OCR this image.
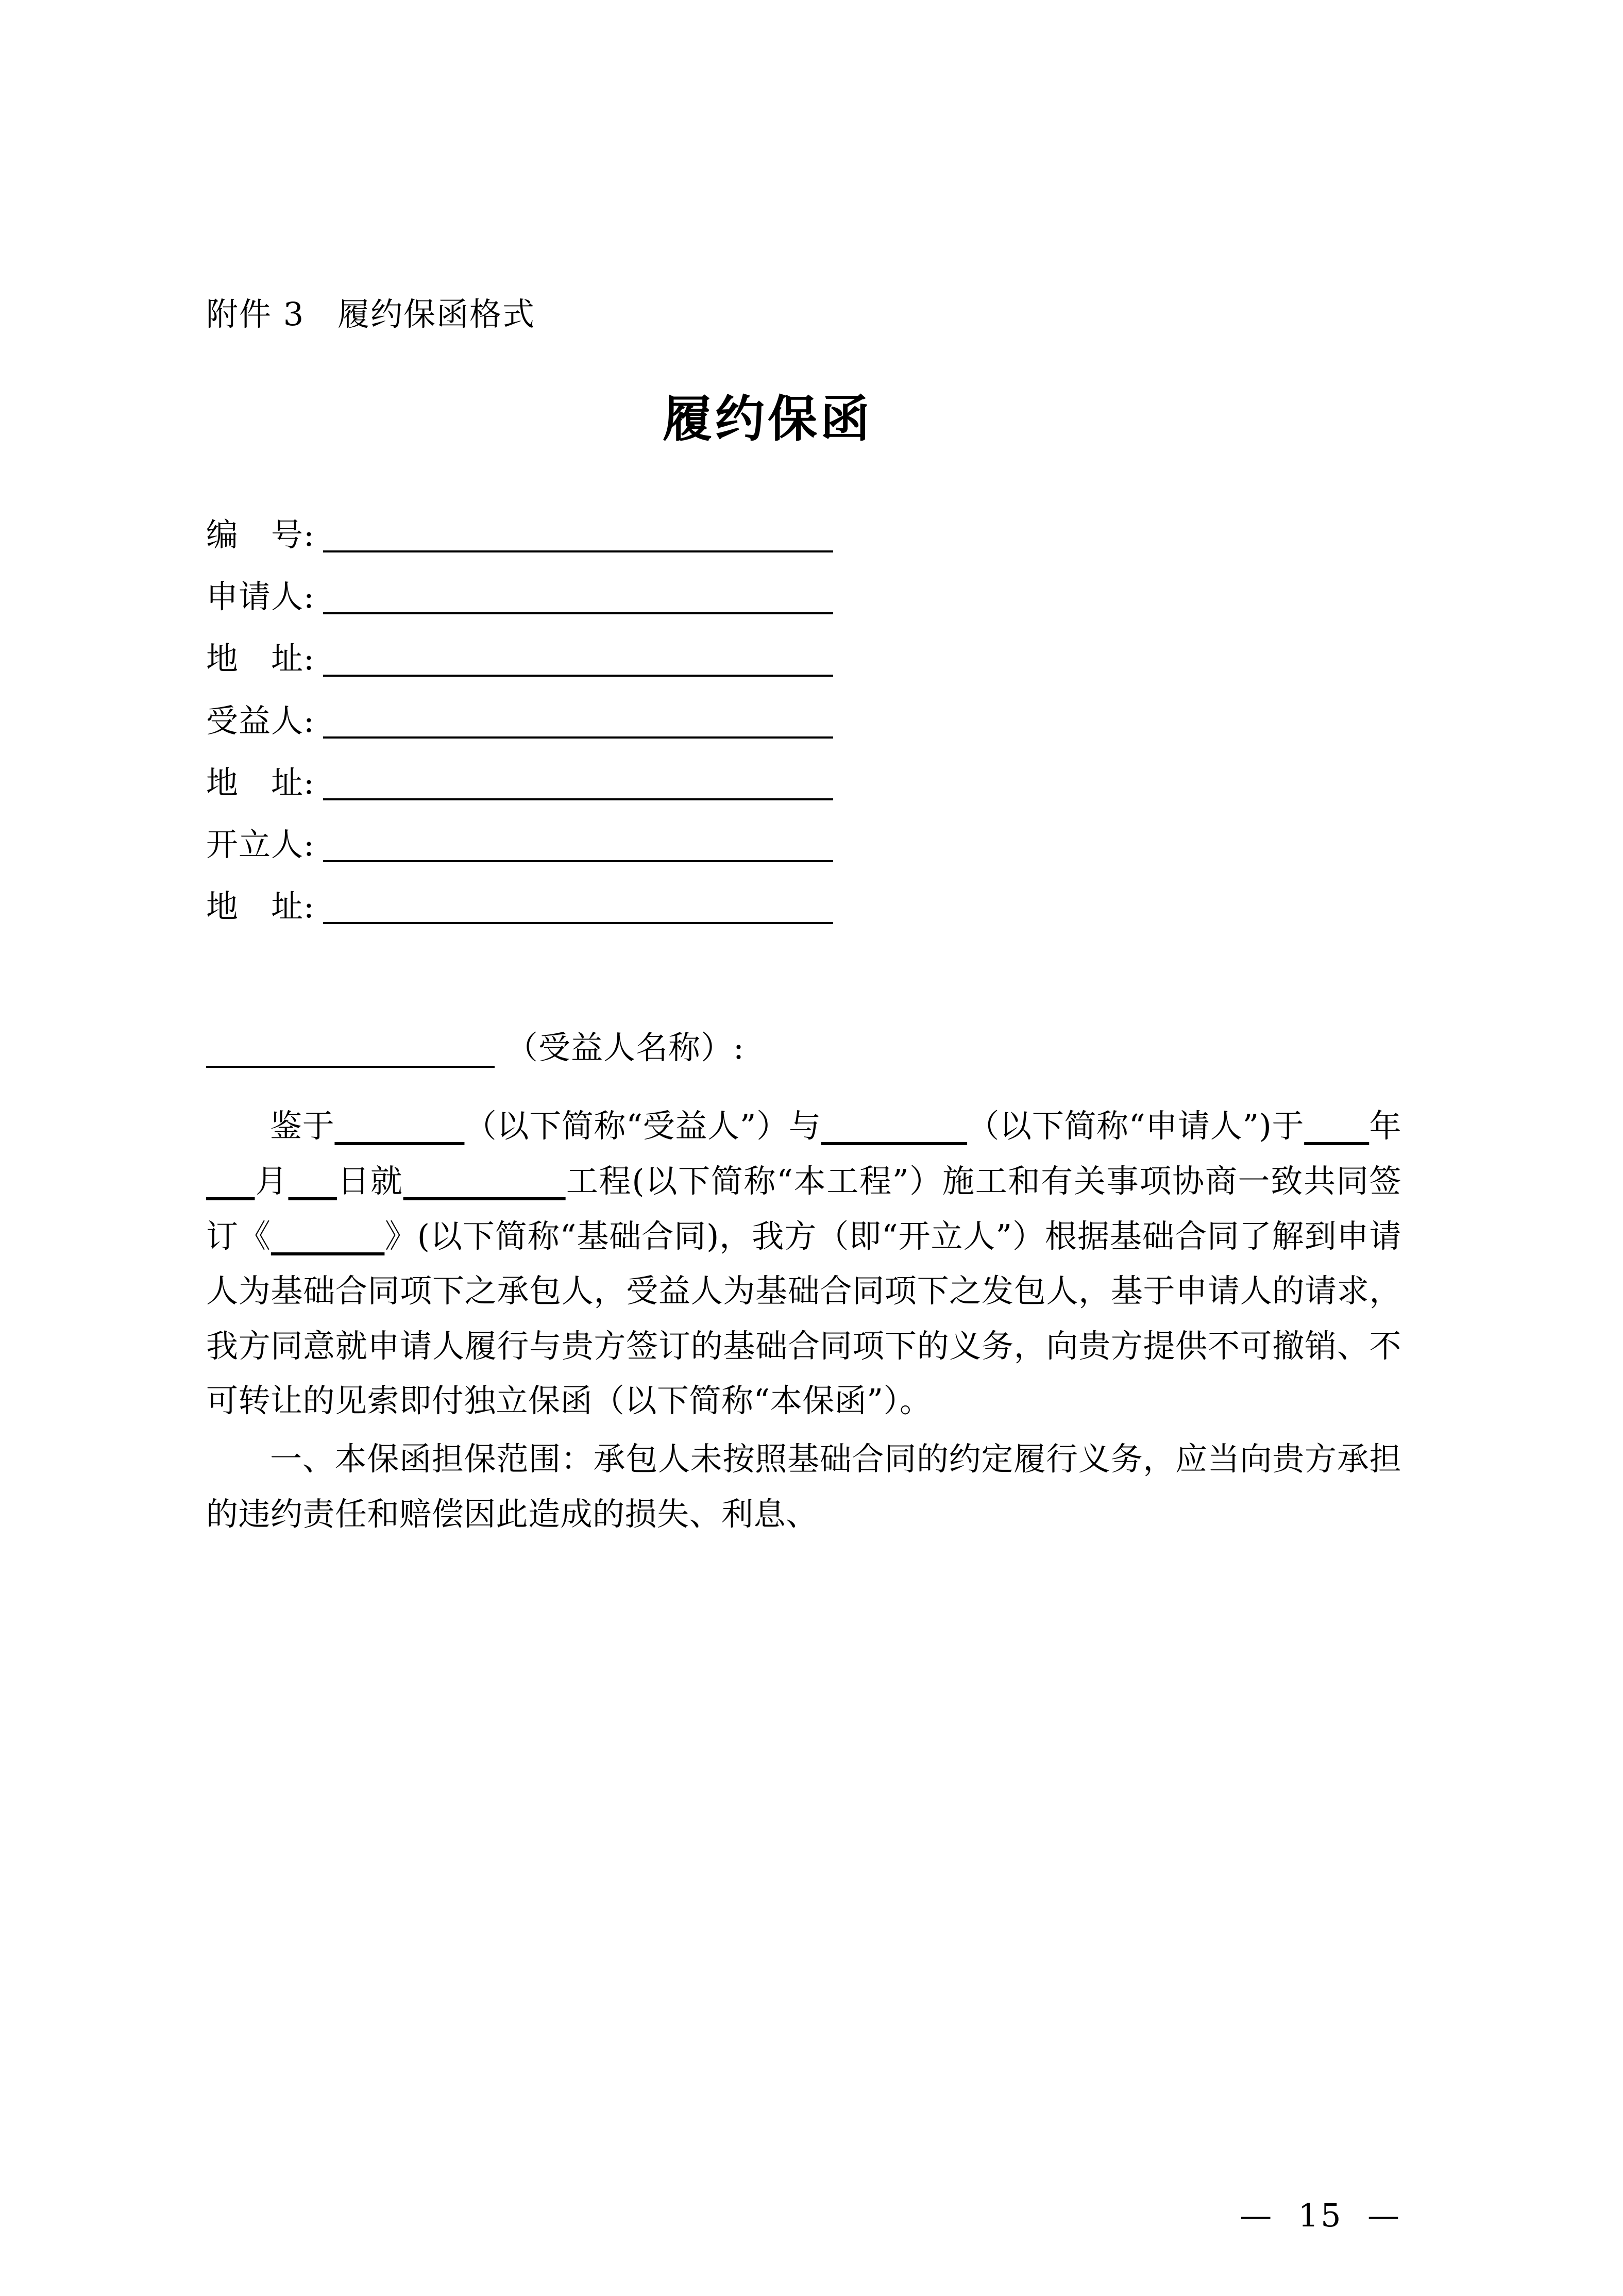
附件 3　履约保函格式
履约保函
编　号:
申请人:
地　址:
受益人:
地　址:
开立人:
地　址:
（受益人名称）:

鉴于________（以下简称“受益人”）与_________（以下简称“申请人”)于____年___月___日就__________工程(以下简称“本工程”）施工和有关事项协商一致共同签订《_______》(以下简称“基础合同)，我方（即“开立人”）根据基础合同了解到申请人为基础合同项下之承包人，受益人为基础合同项下之发包人，基于申请人的请求，我方同意就申请人履行与贵方签订的基础合同项下的义务，向贵方提供不可撤销、不可转让的见索即付独立保函（以下简称“本保函”）。

一、本保函担保范围：承包人未按照基础合同的约定履行义务，应当向贵方承担的违约责任和赔偿因此造成的损失、利息、

—  15  —
